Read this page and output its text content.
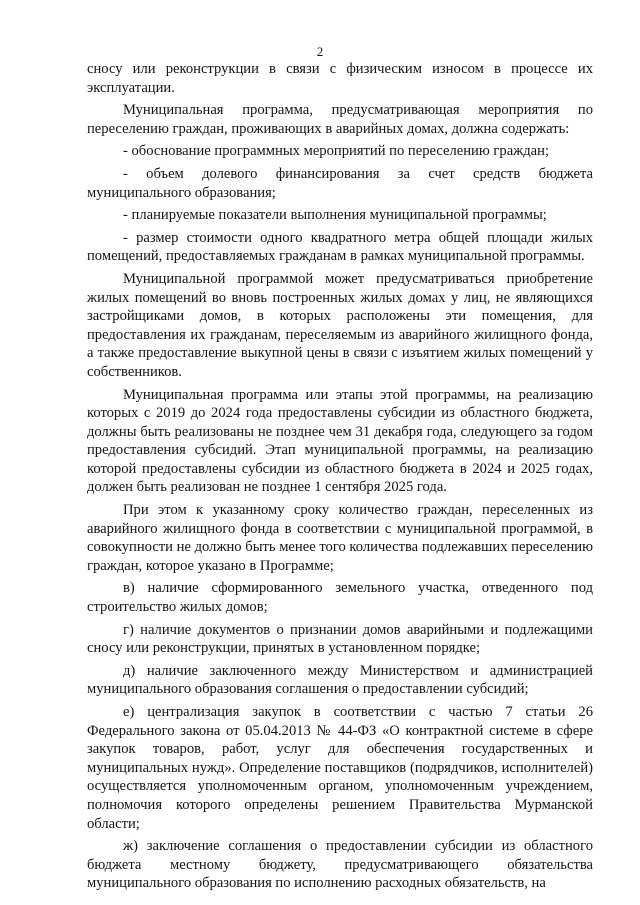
2

сносу или реконструкции в связи с физическим износом в процессе их эксплуатации.

Муниципальная программа, предусматривающая мероприятия по переселению граждан, проживающих в аварийных домах, должна содержать:

- обоснование программных мероприятий по переселению граждан;

- объем долевого финансирования за счет средств бюджета муниципального образования;

- планируемые показатели выполнения муниципальной программы;

- размер стоимости одного квадратного метра общей площади жилых помещений, предоставляемых гражданам в рамках муниципальной программы.

Муниципальной программой может предусматриваться приобретение жилых помещений во вновь построенных жилых домах у лиц, не являющихся застройщиками домов, в которых расположены эти помещения, для предоставления их гражданам, переселяемым из аварийного жилищного фонда, а также предоставление выкупной цены в связи с изъятием жилых помещений у собственников.

Муниципальная программа или этапы этой программы, на реализацию которых с 2019 до 2024 года предоставлены субсидии из областного бюджета, должны быть реализованы не позднее чем 31 декабря года, следующего за годом предоставления субсидий. Этап муниципальной программы, на реализацию которой предоставлены субсидии из областного бюджета в 2024 и 2025 годах, должен быть реализован не позднее 1 сентября 2025 года.

При этом к указанному сроку количество граждан, переселенных из аварийного жилищного фонда в соответствии с муниципальной программой, в совокупности не должно быть менее того количества подлежавших переселению граждан, которое указано в Программе;

в) наличие сформированного земельного участка, отведенного под строительство жилых домов;

г) наличие документов о признании домов аварийными и подлежащими сносу или реконструкции, принятых в установленном порядке;

д) наличие заключенного между Министерством и администрацией муниципального образования соглашения о предоставлении субсидий;

е) централизация закупок в соответствии с частью 7 статьи 26 Федерального закона от 05.04.2013 № 44-ФЗ «О контрактной системе в сфере закупок товаров, работ, услуг для обеспечения государственных и муниципальных нужд». Определение поставщиков (подрядчиков, исполнителей) осуществляется уполномоченным органом, уполномоченным учреждением, полномочия которого определены решением Правительства Мурманской области;

ж) заключение соглашения о предоставлении субсидии из областного бюджета местному бюджету, предусматривающего обязательства муниципального образования по исполнению расходных обязательств, на
